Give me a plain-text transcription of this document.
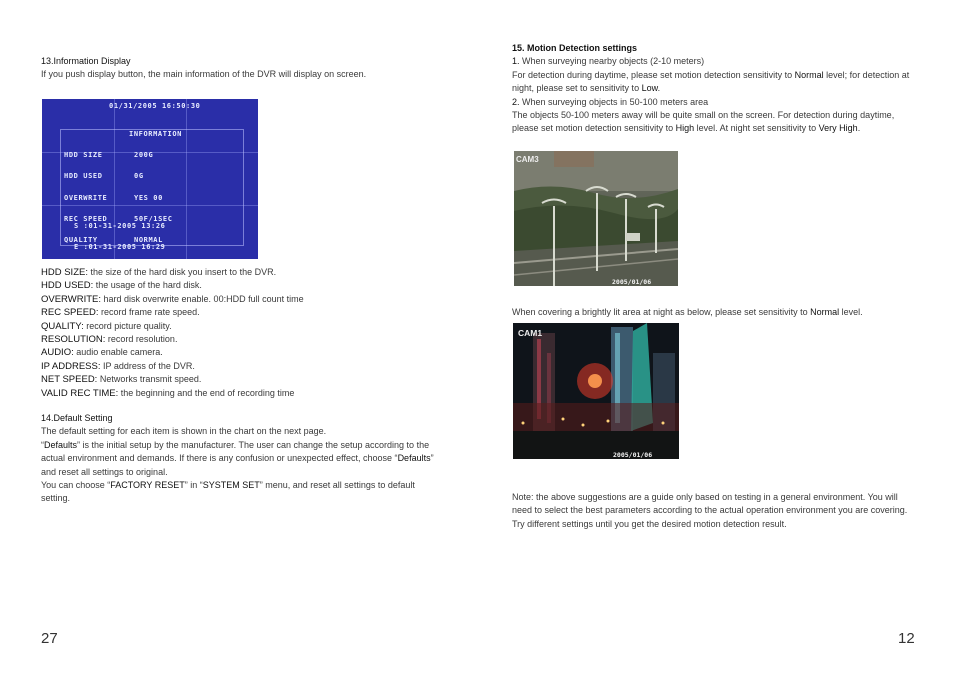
13.Information Display

If you push display button, the main information of the DVR will display on screen.

01/31/2005 16:50:30
INFORMATION

HDD SIZE

HDD USED

OVERWRITE

REC SPEED

QUALITY

200G

0G

YES 00

50F/1SEC

NORMAL

S :01-31-2005 13:26

E :01-31-2005 16:29

HDD SIZE: the size of the hard disk you insert to the DVR.

HDD USED: the usage of the hard disk.

OVERWRITE: hard disk overwrite enable. 00:HDD full count time

REC SPEED: record frame rate speed.

QUALITY: record picture quality.

RESOLUTION: record resolution.

AUDIO: audio enable camera.

IP ADDRESS: IP address of the DVR.

NET SPEED: Networks transmit speed.

VALID REC TIME: the beginning and the end of recording time

14.Default Setting

The default setting for each item is shown in the chart on the next page.

“Defaults” is the initial setup by the manufacturer. The user can change the setup according to the actual environment and demands. If there is any confusion or unexpected effect, choose “Defaults” and reset all settings to original.

You can choose “FACTORY RESET” in “SYSTEM SET” menu, and reset all settings to default setting.

27

15. Motion Detection settings

1. When surveying nearby objects (2-10 meters)

For detection during daytime, please set motion detection sensitivity to Normal level; for detection at night, please set to sensitivity to Low.

2. When surveying objects in 50-100 meters area

The objects 50-100 meters away will be quite small on the screen. For detection during daytime, please set motion detection sensitivity to High level. At night set sensitivity to Very High.

CAM3
2005/01/06

When covering a brightly lit area at night as below, please set sensitivity to Normal level.

CAM1
2005/01/06

Note: the above suggestions are a guide only based on testing in a general environment. You will need to select the best parameters according to the actual operation environment you are covering. Try different settings until you get the desired motion detection result.

12
